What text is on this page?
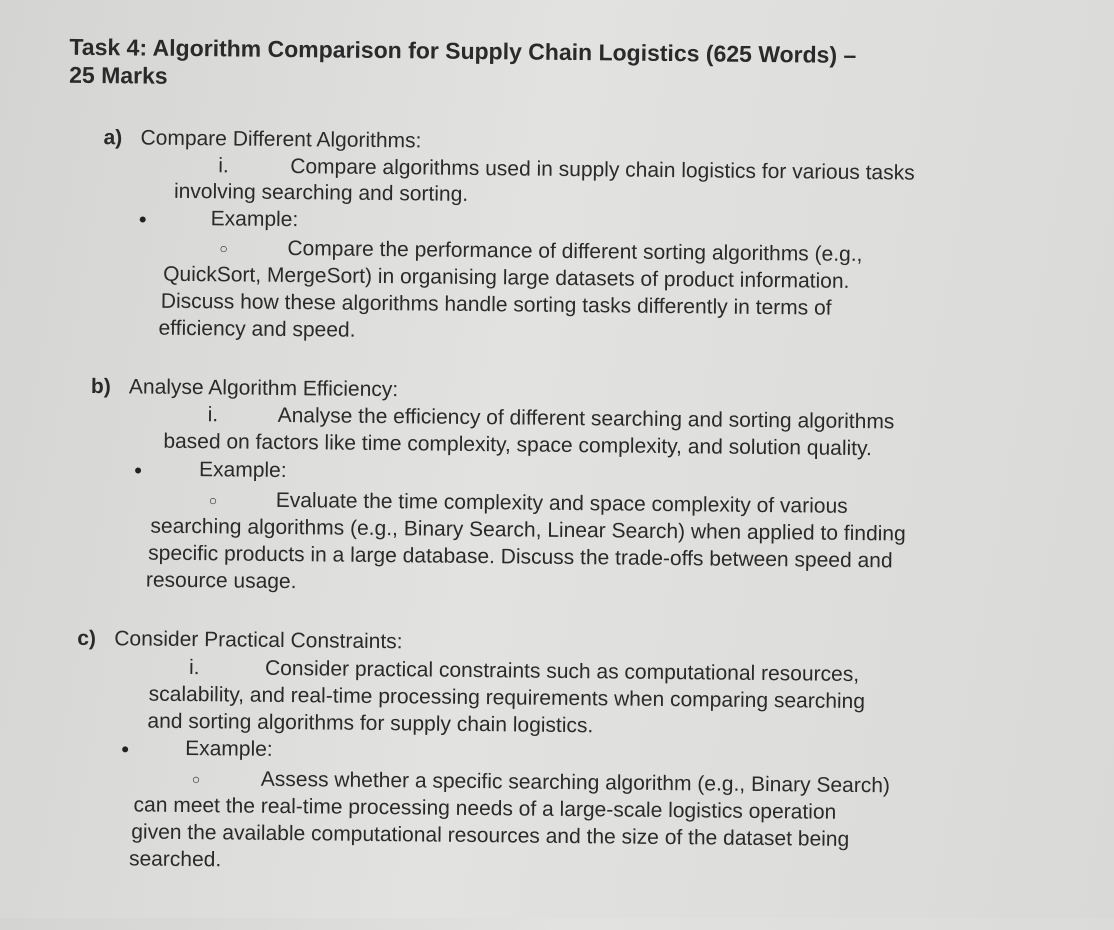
Task 4: Algorithm Comparison for Supply Chain Logistics (625 Words) –
25 Marks
a) Compare Different Algorithms:
i.	Compare algorithms used in supply chain logistics for various tasks
involving searching and sorting.
Example:
○	Compare the performance of different sorting algorithms (e.g.,
QuickSort, MergeSort) in organising large datasets of product information.
Discuss how these algorithms handle sorting tasks differently in terms of
efficiency and speed.
b) Analyse Algorithm Efficiency:
i.	Analyse the efficiency of different searching and sorting algorithms
based on factors like time complexity, space complexity, and solution quality.
Example:
○	Evaluate the time complexity and space complexity of various
searching algorithms (e.g., Binary Search, Linear Search) when applied to finding
specific products in a large database. Discuss the trade-offs between speed and
resource usage.
c) Consider Practical Constraints:
i.	Consider practical constraints such as computational resources,
scalability, and real-time processing requirements when comparing searching
and sorting algorithms for supply chain logistics.
Example:
○	Assess whether a specific searching algorithm (e.g., Binary Search)
can meet the real-time processing needs of a large-scale logistics operation
given the available computational resources and the size of the dataset being
searched.
